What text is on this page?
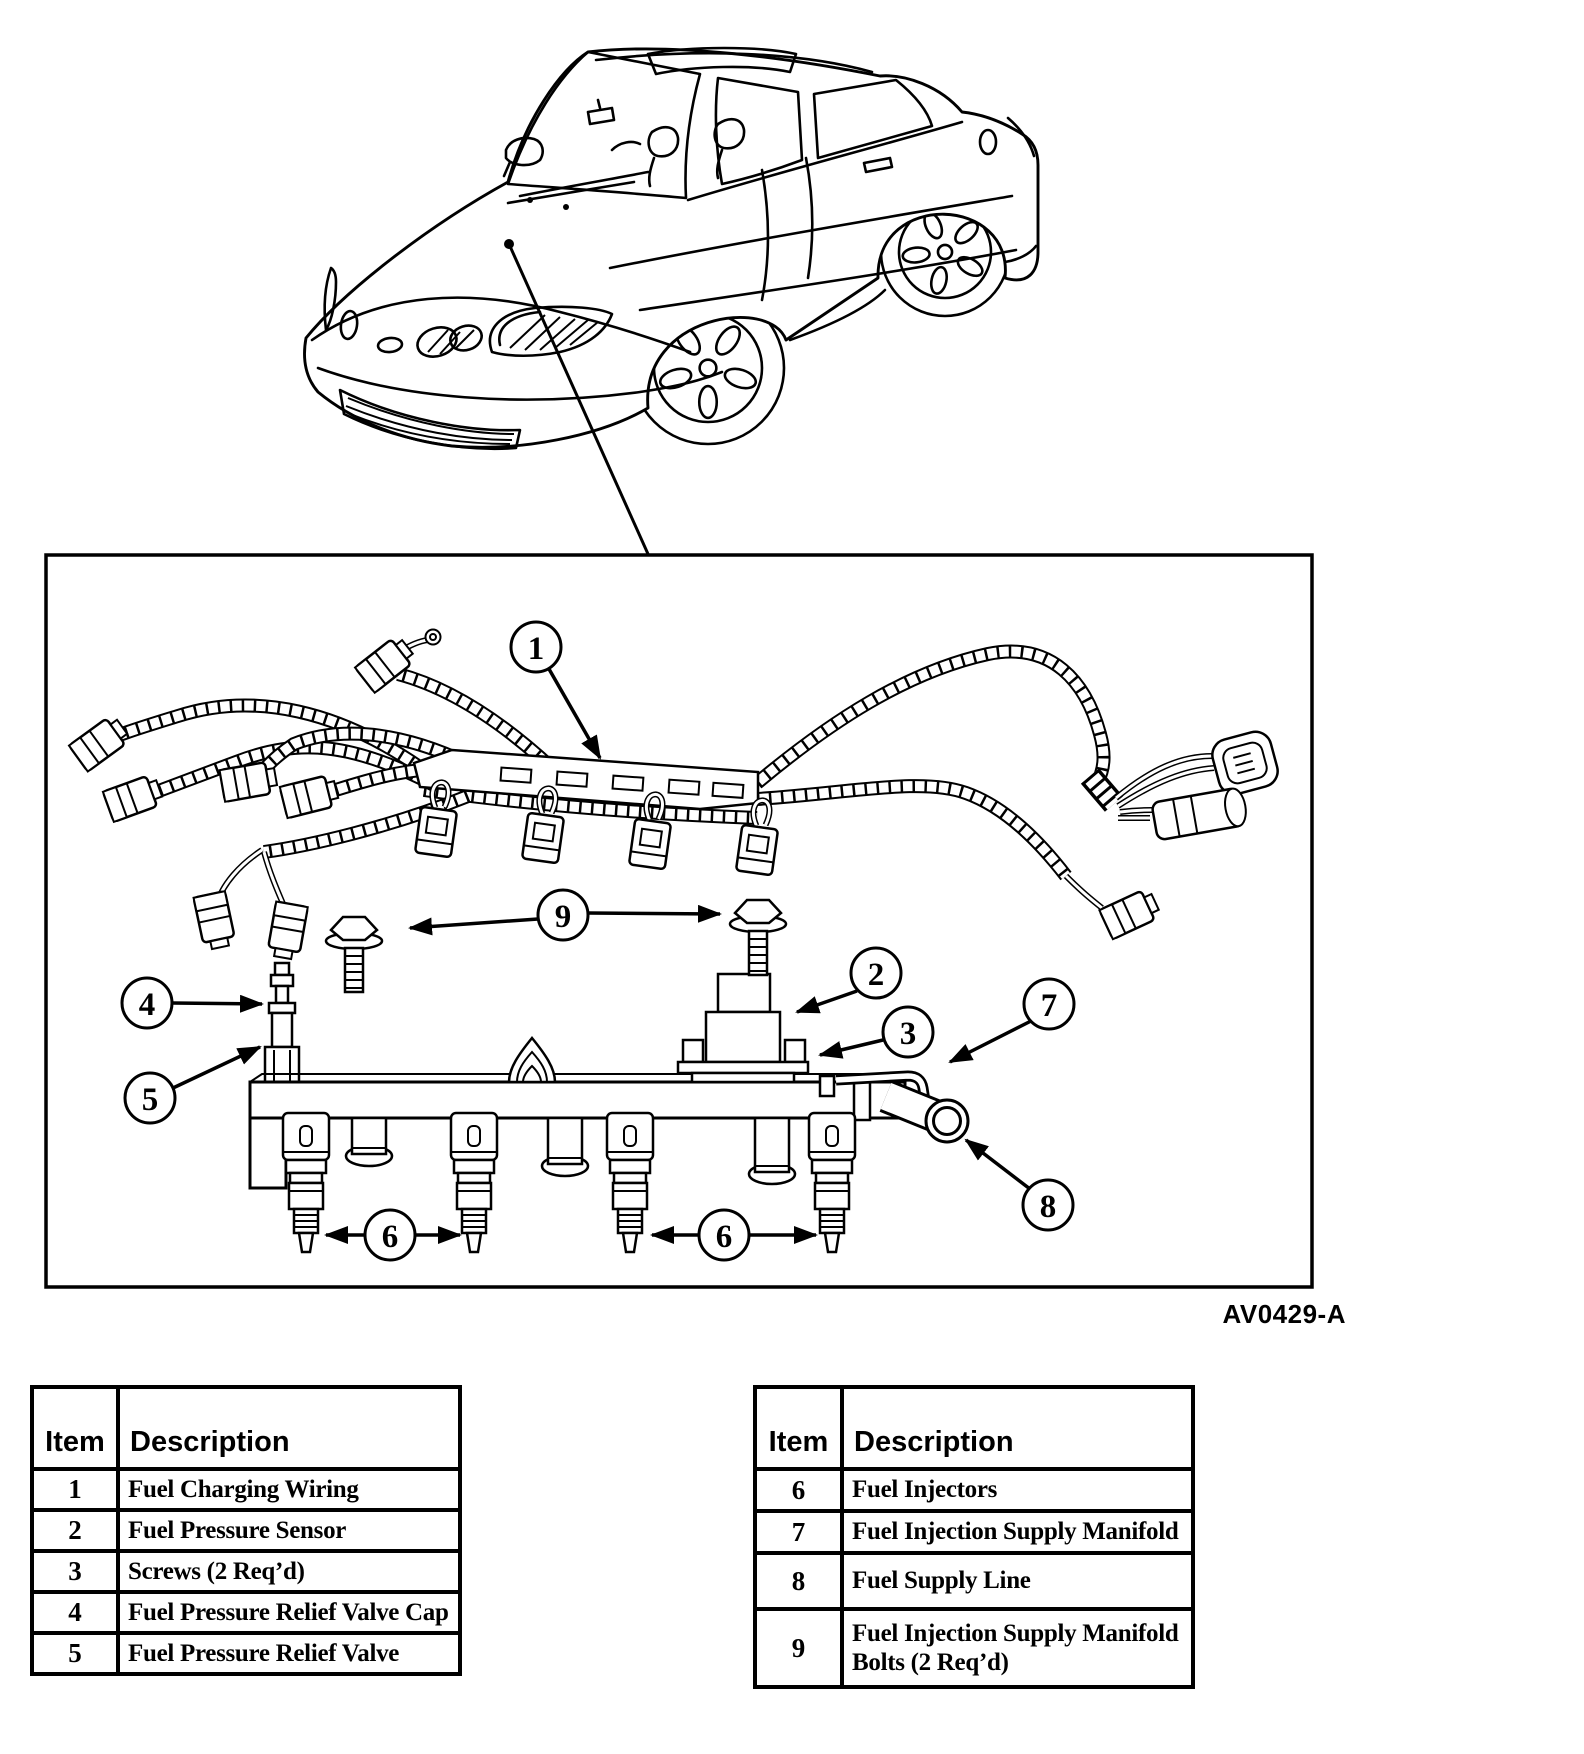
1
2
3
4
5
6	6
7
8
9
AV0429-A
Item	Description
1	Fuel Charging Wiring
2	Fuel Pressure Sensor
3	Screws (2 Req’d)
4	Fuel Pressure Relief Valve Cap
5	Fuel Pressure Relief Valve
Item	Description
6	Fuel Injectors
7	Fuel Injection Supply Manifold
8	Fuel Supply Line
9	Fuel Injection Supply Manifold Bolts (2 Req’d)
